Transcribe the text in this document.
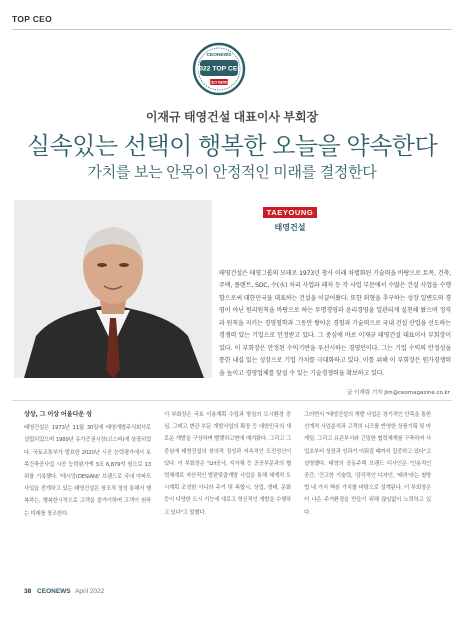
TOP CEO
CEONEWS
2022 TOP CEO
CEO NEWS
이재규 태영건설 대표이사 부회장
실속있는 선택이 행복한 오늘을 약속한다
가치를 보는 안목이 안정적인 미래를 결정한다
TAEYOUNG
태영건설
태영건설은 태영그룹의 모태로 1973년 창사 이래 차별화된 기술력을 바탕으로 토목, 건축, 주택, 플랜트, SOC, 수(水) 처리 사업과 레저 등 각 사업 부문에서 수많은 건설 사업을 수행함으로써 대한민국을 대표하는 건설을 이끌어왔다. 또한 외형을 추구하는 성장 일변도의 경영이 아닌 원리원칙을 바탕으로 하는 투명경영과 윤리경영을 일관되게 실천해 왔으며 정직과 원칙을 지키는 경영철학과 그동안 쌓아온 경험과 기술력으로 국내 건설 산업을 선도하는 경쟁력 있는 기업으로 인정받고 있다. 그 중심에 바로 이재규 태영건설 대표이사 부회장이 있다. 이 부회장은 안정된 수익기반을 우선시하는 경영인이다. 그는 기업 수익의 안정성을 통한 내실 있는 성장으로 기업 가치를 극대화하고 있다. 이를 위해 이 부회장은 원가경쟁력을 높이고 경영업체를 앞설 수 있는 기술경쟁력을 확보하고 있다.
글 이재림 기자 jlm@ceomagazine.co.kr
상상, 그 이상 어울다운 성
태영건설은 1973년 11월 30일에 태영개발주식회사로 설립되었으며 1989년 유가증권시장(코스피)에 상장되었다. 국토교통부가 발표한 2020년 시공 능력평가에서 토목건축공사업 시공 능력평가액 3조 6,879억 원으로 13위를 기록했다. '데시앙(DESIAN)' 브랜드로 국내 아파트 사업을 전개하고 있는 태영건설은 창조적 정성 통해서 행복하는, 행복한시작으로 고객을 즐거이하며 고객이 원하는 미래를 창조한다.
이 부회장은 국토 이용계획 수립과 방침의 도시환경 중심, 그레고 변관 부문 개발사업의 확장 등 대한민국의 새로운 개발을 구상하며 빨랫하고현에 매겨왔다. 그리고 그 중심에 태영건설의 창의적 정성과 지속적인 도전정신이 있다. 이 부회장은 "LH공사, 지자체 등 공공부문과의 협력체계로 자산적인 발판맞춤개발 사업을 통해 체계적 도시계획 조성한 아니라 주거 및 복합시, 상업, 생태, 문화 등이 다양한 도시 기능에 새로고 혁신적인 개발을 수행하고 있다"고 말했다.
그러면서 "태영건설의 개발 사업은 장기적인 안목을 통한 선계적 사업분석과 고객의 니즈를 반영한 상품기획 및 마케팅, 그리고 유관부서와 긴밀한 협력체계를 구축하여 사업초부터 성장과 성과가 이뤄질 때까지 집중하고 있다"고 설명했다. 태영의 공동주택 브랜드 디사인은 '인용적인 공간, '건고한 기술력, '감각적인 디자인, '배려'라는 철방법 네 가지 핵심 가치를 바탕으로 설계된다. 이 부회장은 더 나은 주거환경을 만들기 위해 끊임없이 노력하고 있다.
38 CEONEWS April 2022
